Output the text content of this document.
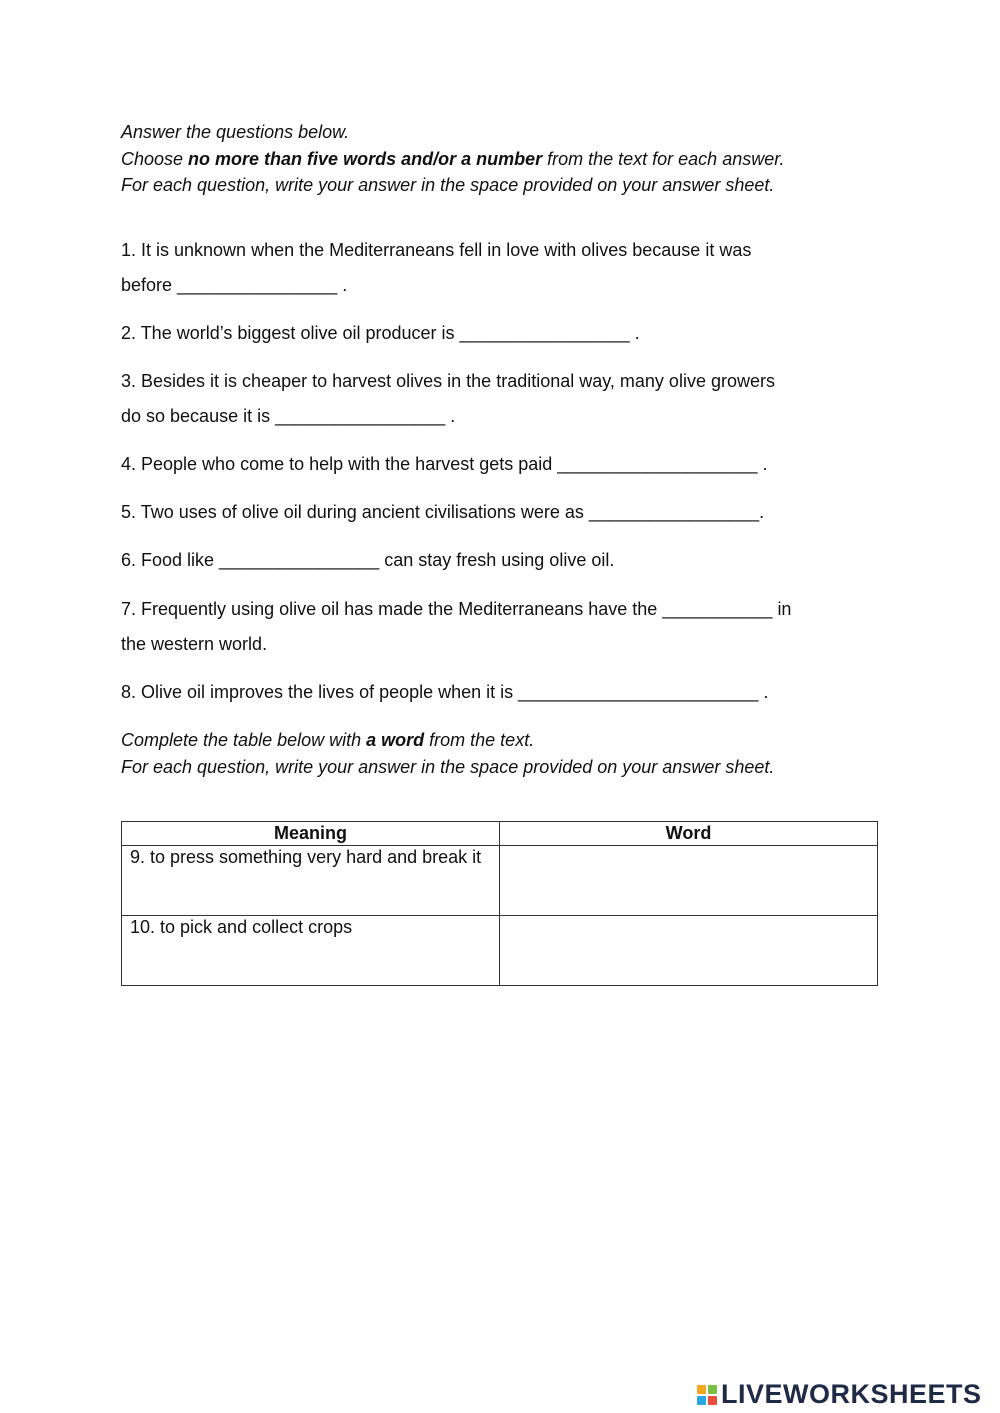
Answer the questions below.
Choose no more than five words and/or a number from the text for each answer.
For each question, write your answer in the space provided on your answer sheet.
1. It is unknown when the Mediterraneans fell in love with olives because it was
before ________________ .
2. The world’s biggest olive oil producer is _________________ .
3. Besides it is cheaper to harvest olives in the traditional way, many olive growers
do so because it is _________________ .
4. People who come to help with the harvest gets paid ____________________ .
5. Two uses of olive oil during ancient civilisations were as _________________.
6. Food like ________________ can stay fresh using olive oil.
7. Frequently using olive oil has made the Mediterraneans have the ___________ in
the western world.
8. Olive oil improves the lives of people when it is ________________________ .
Complete the table below with a word from the text.
For each question, write your answer in the space provided on your answer sheet.
Meaning	Word
9. to press something very hard and break it	
10. to pick and collect crops	
LIVEWORKSHEETS
